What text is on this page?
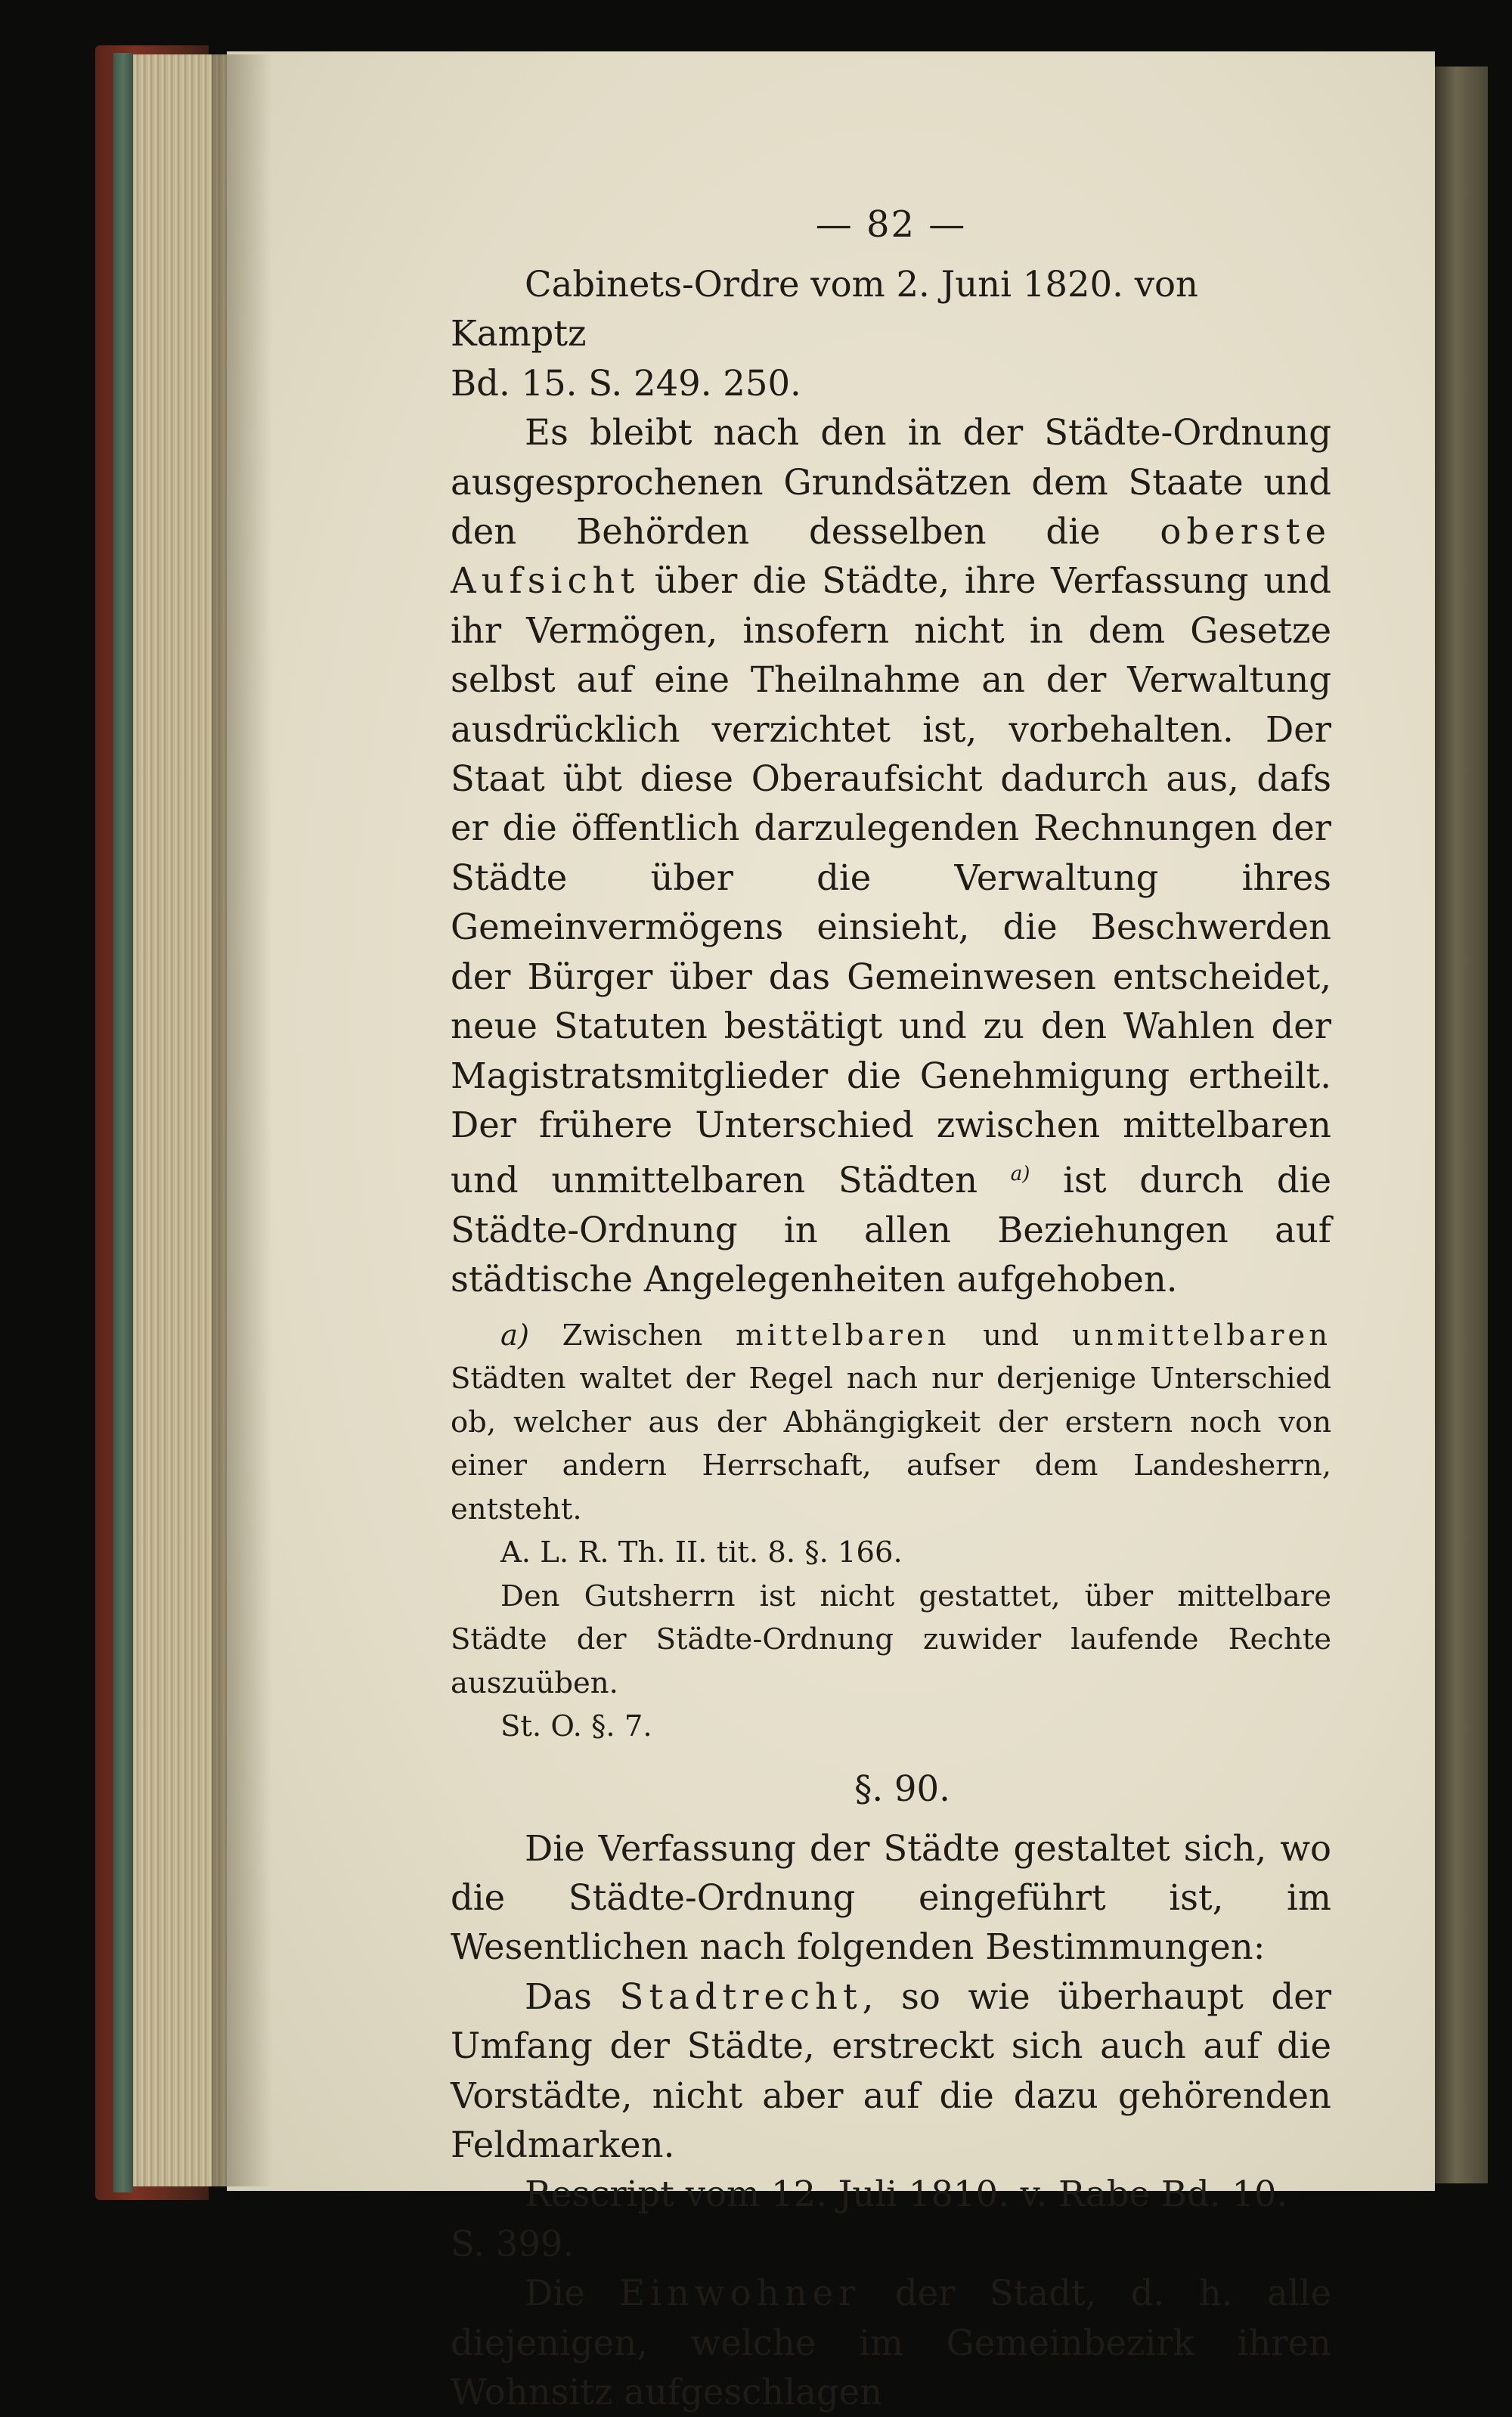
— 82 —

Cabinets-Ordre vom 2. Juni 1820. von Kamptz

Bd. 15. S. 249. 250.

Es bleibt nach den in der Städte-Ordnung ausgesprochenen Grundsätzen dem Staate und den Behörden desselben die oberste Aufsicht über die Städte, ihre Verfassung und ihr Vermögen, insofern nicht in dem Gesetze selbst auf eine Theilnahme an der Verwaltung ausdrücklich verzichtet ist, vorbehalten. Der Staat übt diese Oberaufsicht dadurch aus, dafs er die öffentlich darzulegenden Rechnungen der Städte über die Verwaltung ihres Gemeinvermögens einsieht, die Beschwerden der Bürger über das Gemeinwesen entscheidet, neue Statuten bestätigt und zu den Wahlen der Magistratsmitglieder die Genehmigung ertheilt. Der frühere Unterschied zwischen mittelbaren und unmittelbaren Städten $^{a)}$ ist durch die Städte-Ordnung in allen Beziehungen auf städtische Angelegenheiten aufgehoben.

a) Zwischen mittelbaren und unmittelbaren Städten waltet der Regel nach nur derjenige Unterschied ob, welcher aus der Abhängigkeit der erstern noch von einer andern Herrschaft, aufser dem Landesherrn, entsteht.

A. L. R. Th. II. tit. 8. §. 166.

Den Gutsherrn ist nicht gestattet, über mittelbare Städte der Städte-Ordnung zuwider laufende Rechte auszuüben.

St. O. §. 7.

§. 90.

Die Verfassung der Städte gestaltet sich, wo die Städte-Ordnung eingeführt ist, im Wesentlichen nach folgenden Bestimmungen:

Das Stadtrecht, so wie überhaupt der Umfang der Städte, erstreckt sich auch auf die Vorstädte, nicht aber auf die dazu gehörenden Feldmarken.

Rescript vom 12. Juli 1810. v. Rabe Bd. 10. S. 399.

Die Einwohner der Stadt, d. h. alle diejenigen, welche im Gemeinbezirk ihren Wohnsitz aufgeschlagen
